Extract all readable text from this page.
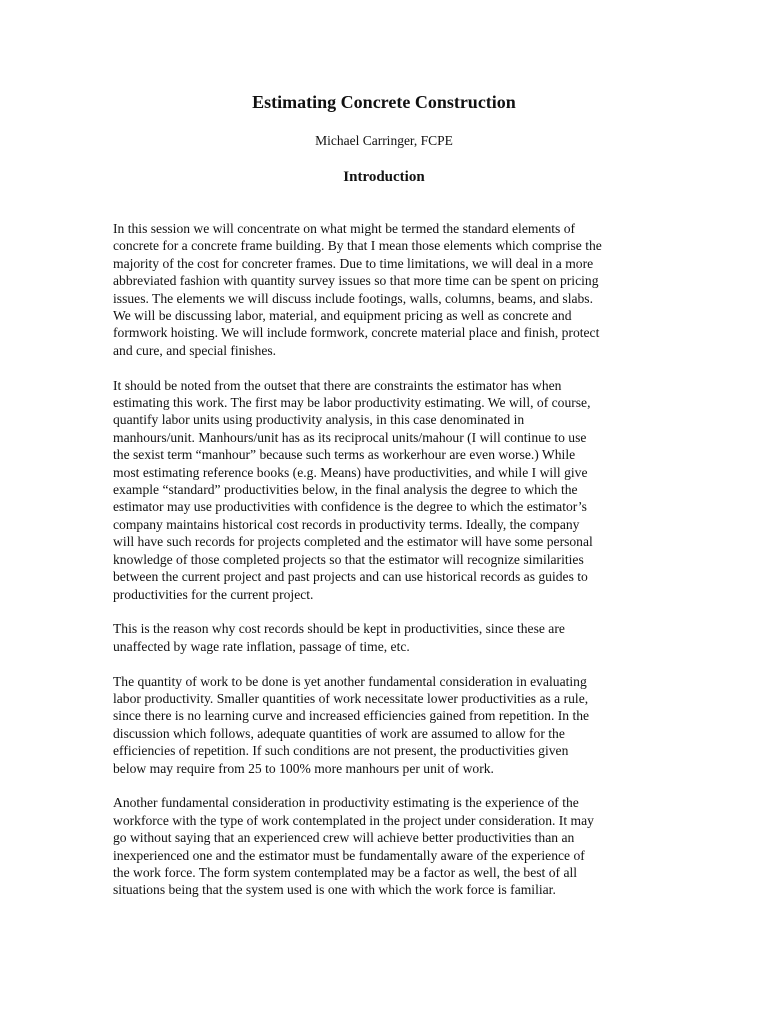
Estimating Concrete Construction

Michael Carringer, FCPE

Introduction

In this session we will concentrate on what might be termed the standard elements of
concrete for a concrete frame building. By that I mean those elements which comprise the
majority of the cost for concreter frames. Due to time limitations, we will deal in a more
abbreviated fashion with quantity survey issues so that more time can be spent on pricing
issues. The elements we will discuss include footings, walls, columns, beams, and slabs.
We will be discussing labor, material, and equipment pricing as well as concrete and
formwork hoisting. We will include formwork, concrete material place and finish, protect
and cure, and special finishes.

It should be noted from the outset that there are constraints the estimator has when
estimating this work. The first may be labor productivity estimating. We will, of course,
quantify labor units using productivity analysis, in this case denominated in
manhours/unit. Manhours/unit has as its reciprocal units/mahour (I will continue to use
the sexist term “manhour” because such terms as workerhour are even worse.) While
most estimating reference books (e.g. Means) have productivities, and while I will give
example “standard” productivities below, in the final analysis the degree to which the
estimator may use productivities with confidence is the degree to which the estimator’s
company maintains historical cost records in productivity terms. Ideally, the company
will have such records for projects completed and the estimator will have some personal
knowledge of those completed projects so that the estimator will recognize similarities
between the current project and past projects and can use historical records as guides to
productivities for the current project.

This is the reason why cost records should be kept in productivities, since these are
unaffected by wage rate inflation, passage of time, etc.

The quantity of work to be done is yet another fundamental consideration in evaluating
labor productivity. Smaller quantities of work necessitate lower productivities as a rule,
since there is no learning curve and increased efficiencies gained from repetition. In the
discussion which follows, adequate quantities of work are assumed to allow for the
efficiencies of repetition. If such conditions are not present, the productivities given
below may require from 25 to 100% more manhours per unit of work.

Another fundamental consideration in productivity estimating is the experience of the
workforce with the type of work contemplated in the project under consideration. It may
go without saying that an experienced crew will achieve better productivities than an
inexperienced one and the estimator must be fundamentally aware of the experience of
the work force. The form system contemplated may be a factor as well, the best of all
situations being that the system used is one with which the work force is familiar.
